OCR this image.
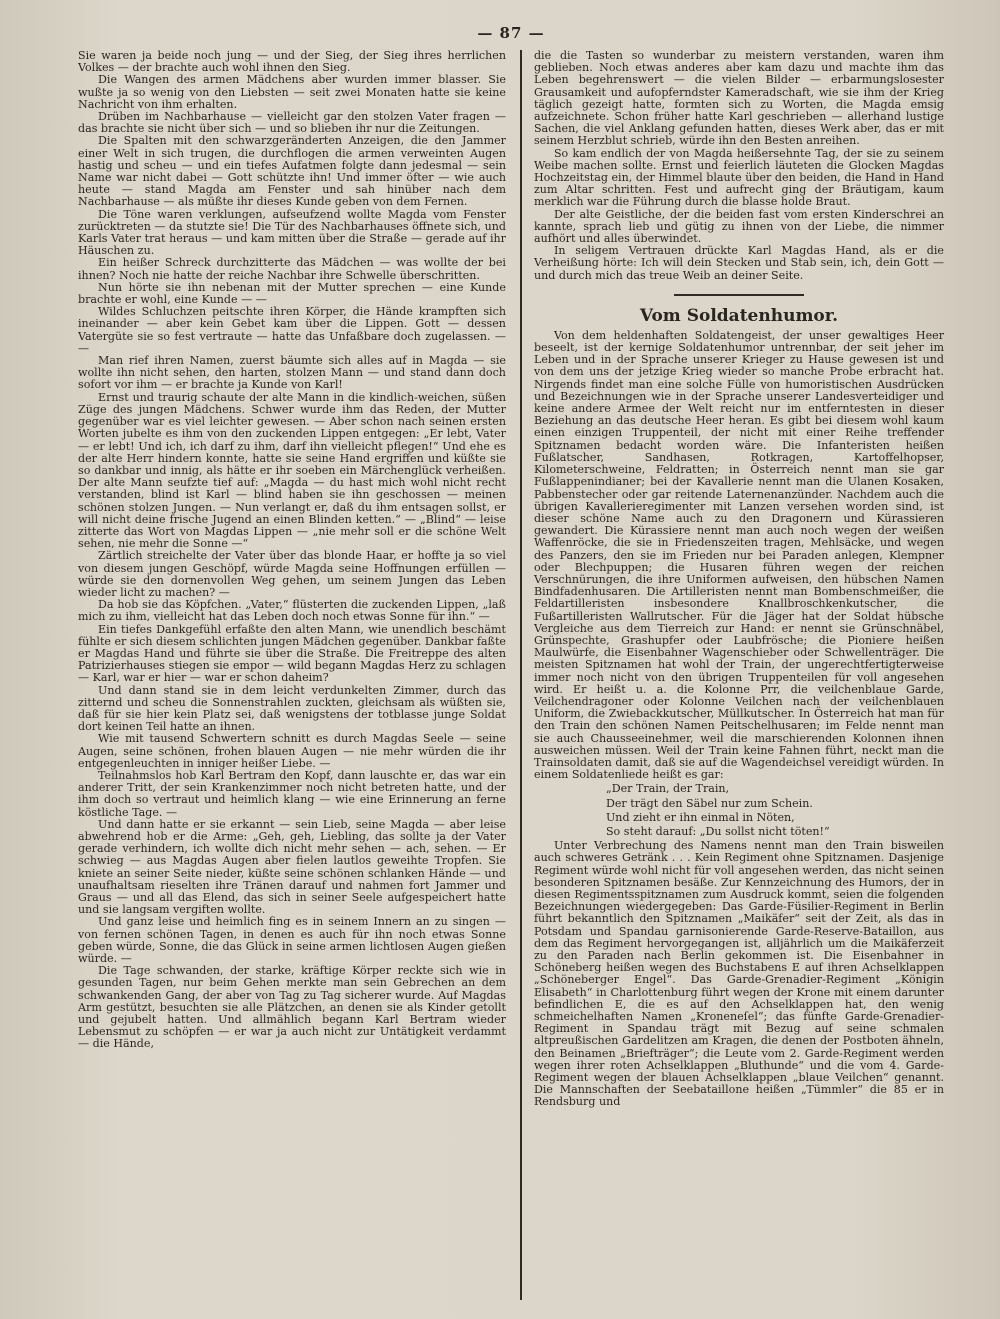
— 87 —

Sie waren ja beide noch jung — und der Sieg, der Sieg ihres herrlichen Volkes — der brachte auch wohl ihnen den Sieg.

Die Wangen des armen Mädchens aber wurden immer blasser. Sie wußte ja so wenig von den Liebsten — seit zwei Monaten hatte sie keine Nachricht von ihm erhalten.

Drüben im Nachbarhause — vielleicht gar den stolzen Vater fragen — das brachte sie nicht über sich — und so blieben ihr nur die Zeitungen.

Die Spalten mit den schwarzgeränderten Anzeigen, die den Jammer einer Welt in sich trugen, die durchflogen die armen verweinten Augen hastig und scheu — und ein tiefes Aufatmen folgte dann jedesmal — sein Name war nicht dabei — Gott schützte ihn! Und immer öfter — wie auch heute — stand Magda am Fenster und sah hinüber nach dem Nachbarhause — als müßte ihr dieses Kunde geben von dem Fernen.

Die Töne waren verklungen, aufseufzend wollte Magda vom Fenster zurücktreten — da stutzte sie! Die Tür des Nachbarhauses öffnete sich, und Karls Vater trat heraus — und kam mitten über die Straße — gerade auf ihr Häuschen zu.

Ein heißer Schreck durchzitterte das Mädchen — was wollte der bei ihnen? Noch nie hatte der reiche Nachbar ihre Schwelle überschritten.

Nun hörte sie ihn nebenan mit der Mutter sprechen — eine Kunde brachte er wohl, eine Kunde — —

Wildes Schluchzen peitschte ihren Körper, die Hände krampften sich ineinander — aber kein Gebet kam über die Lippen. Gott — dessen Vatergüte sie so fest vertraute — hatte das Unfaßbare doch zugelassen. — —

Man rief ihren Namen, zuerst bäumte sich alles auf in Magda — sie wollte ihn nicht sehen, den harten, stolzen Mann — und stand dann doch sofort vor ihm — er brachte ja Kunde von Karl!

Ernst und traurig schaute der alte Mann in die kindlich-weichen, süßen Züge des jungen Mädchens. Schwer wurde ihm das Reden, der Mutter gegenüber war es viel leichter gewesen. — Aber schon nach seinen ersten Worten jubelte es ihm von den zuckenden Lippen entgegen: „Er lebt, Vater — er lebt! Und ich, ich darf zu ihm, darf ihn vielleicht pflegen!“ Und ehe es der alte Herr hindern konnte, hatte sie seine Hand ergriffen und küßte sie so dankbar und innig, als hätte er ihr soeben ein Märchenglück verheißen. Der alte Mann seufzte tief auf: „Magda — du hast mich wohl nicht recht verstanden, blind ist Karl — blind haben sie ihn geschossen — meinen schönen stolzen Jungen. — Nun verlangt er, daß du ihm entsagen sollst, er will nicht deine frische Jugend an einen Blinden ketten.“ — „Blind“ — leise zitterte das Wort von Magdas Lippen — „nie mehr soll er die schöne Welt sehen, nie mehr die Sonne —“

Zärtlich streichelte der Vater über das blonde Haar, er hoffte ja so viel von diesem jungen Geschöpf, würde Magda seine Hoffnungen erfüllen — würde sie den dornenvollen Weg gehen, um seinem Jungen das Leben wieder licht zu machen? —

Da hob sie das Köpfchen. „Vater,“ flüsterten die zuckenden Lippen, „laß mich zu ihm, vielleicht hat das Leben doch noch etwas Sonne für ihn.“ —

Ein tiefes Dankgefühl erfaßte den alten Mann, wie unendlich beschämt fühlte er sich diesem schlichten jungen Mädchen gegenüber. Dankbar faßte er Magdas Hand und führte sie über die Straße. Die Freitreppe des alten Patrizierhauses stiegen sie empor — wild begann Magdas Herz zu schlagen — Karl, war er hier — war er schon daheim?

Und dann stand sie in dem leicht verdunkelten Zimmer, durch das zitternd und scheu die Sonnenstrahlen zuckten, gleichsam als wüßten sie, daß für sie hier kein Platz sei, daß wenigstens der totblasse junge Soldat dort keinen Teil hatte an ihnen.

Wie mit tausend Schwertern schnitt es durch Magdas Seele — seine Augen, seine schönen, frohen blauen Augen — nie mehr würden die ihr entgegenleuchten in inniger heißer Liebe. —

Teilnahmslos hob Karl Bertram den Kopf, dann lauschte er, das war ein anderer Tritt, der sein Krankenzimmer noch nicht betreten hatte, und der ihm doch so vertraut und heimlich klang — wie eine Erinnerung an ferne köstliche Tage. —

Und dann hatte er sie erkannt — sein Lieb, seine Magda — aber leise abwehrend hob er die Arme: „Geh, geh, Liebling, das sollte ja der Vater gerade verhindern, ich wollte dich nicht mehr sehen — ach, sehen. — Er schwieg — aus Magdas Augen aber fielen lautlos geweihte Tropfen. Sie kniete an seiner Seite nieder, küßte seine schönen schlanken Hände — und unaufhaltsam rieselten ihre Tränen darauf und nahmen fort Jammer und Graus — und all das Elend, das sich in seiner Seele aufgespeichert hatte und sie langsam vergiften wollte.

Und ganz leise und heimlich fing es in seinem Innern an zu singen — von fernen schönen Tagen, in denen es auch für ihn noch etwas Sonne geben würde, Sonne, die das Glück in seine armen lichtlosen Augen gießen würde. —

Die Tage schwanden, der starke, kräftige Körper reckte sich wie in gesunden Tagen, nur beim Gehen merkte man sein Gebrechen an dem schwankenden Gang, der aber von Tag zu Tag sicherer wurde. Auf Magdas Arm gestützt, besuchten sie alle Plätzchen, an denen sie als Kinder getollt und gejubelt hatten. Und allmählich begann Karl Bertram wieder Lebensmut zu schöpfen — er war ja auch nicht zur Untätigkeit verdammt — die Hände,

die die Tasten so wunderbar zu meistern verstanden, waren ihm geblieben. Noch etwas anderes aber kam dazu und machte ihm das Leben begehrenswert — die vielen Bilder — erbarmungslosester Grausamkeit und aufopferndster Kameradschaft, wie sie ihm der Krieg täglich gezeigt hatte, formten sich zu Worten, die Magda emsig aufzeichnete. Schon früher hatte Karl geschrieben — allerhand lustige Sachen, die viel Anklang gefunden hatten, dieses Werk aber, das er mit seinem Herzblut schrieb, würde ihn den Besten anreihen.

So kam endlich der von Magda heißersehnte Tag, der sie zu seinem Weibe machen sollte. Ernst und feierlich läuteten die Glocken Magdas Hochzeitstag ein, der Himmel blaute über den beiden, die Hand in Hand zum Altar schritten. Fest und aufrecht ging der Bräutigam, kaum merklich war die Führung durch die blasse holde Braut.

Der alte Geistliche, der die beiden fast vom ersten Kinderschrei an kannte, sprach lieb und gütig zu ihnen von der Liebe, die nimmer aufhört und alles überwindet.

In seligem Vertrauen drückte Karl Magdas Hand, als er die Verheißung hörte: Ich will dein Stecken und Stab sein, ich, dein Gott — und durch mich das treue Weib an deiner Seite.

Vom Soldatenhumor.

Von dem heldenhaften Soldatengeist, der unser gewaltiges Heer beseelt, ist der kernige Soldatenhumor untrennbar, der seit jeher im Leben und in der Sprache unserer Krieger zu Hause gewesen ist und von dem uns der jetzige Krieg wieder so manche Probe erbracht hat. Nirgends findet man eine solche Fülle von humoristischen Ausdrücken und Bezeichnungen wie in der Sprache unserer Landesverteidiger und keine andere Armee der Welt reicht nur im entferntesten in dieser Beziehung an das deutsche Heer heran. Es gibt bei diesem wohl kaum einen einzigen Truppenteil, der nicht mit einer Reihe treffender Spitznamen bedacht worden wäre. Die Infanteristen heißen Fußlatscher, Sandhasen, Rotkragen, Kartoffelhopser, Kilometerschweine, Feldratten; in Österreich nennt man sie gar Fußlappenindianer; bei der Kavallerie nennt man die Ulanen Kosaken, Pabbenstecher oder gar reitende Laternenanzünder. Nachdem auch die übrigen Kavallerieregimenter mit Lanzen versehen worden sind, ist dieser schöne Name auch zu den Dragonern und Kürassieren gewandert. Die Kürassiere nennt man auch noch wegen der weißen Waffenröcke, die sie in Friedenszeiten tragen, Mehlsäcke, und wegen des Panzers, den sie im Frieden nur bei Paraden anlegen, Klempner oder Blechpuppen; die Husaren führen wegen der reichen Verschnürungen, die ihre Uniformen aufweisen, den hübschen Namen Bindfadenhusaren. Die Artilleristen nennt man Bombenschmeißer, die Feldartilleristen insbesondere Knallbroschkenkutscher, die Fußartilleristen Wallrutscher. Für die Jäger hat der Soldat hübsche Vergleiche aus dem Tierreich zur Hand: er nennt sie Grünschnäbel, Grünspechte, Grashupfer oder Laubfrösche; die Pioniere heißen Maulwürfe, die Eisenbahner Wagenschieber oder Schwellenträger. Die meisten Spitznamen hat wohl der Train, der ungerechtfertigterweise immer noch nicht von den übrigen Truppenteilen für voll angesehen wird. Er heißt u. a. die Kolonne Prr, die veilchenblaue Garde, Veilchendragoner oder Kolonne Veilchen nach der veilchenblauen Uniform, die Zwiebackkutscher, Müllkutscher. In Österreich hat man für den Train den schönen Namen Peitschelhusaren; im Felde nennt man sie auch Chausseeinehmer, weil die marschierenden Kolonnen ihnen ausweichen müssen. Weil der Train keine Fahnen führt, neckt man die Trainsoldaten damit, daß sie auf die Wagendeichsel vereidigt würden. In einem Soldatenliede heißt es gar:

„Der Train, der Train,

Der trägt den Säbel nur zum Schein.

Und zieht er ihn einmal in Nöten,

So steht darauf: „Du sollst nicht töten!“

Unter Verbrechung des Namens nennt man den Train bisweilen auch schweres Getränk . . . Kein Regiment ohne Spitznamen. Dasjenige Regiment würde wohl nicht für voll angesehen werden, das nicht seinen besonderen Spitznamen besäße. Zur Kennzeichnung des Humors, der in diesen Regimentsspitznamen zum Ausdruck kommt, seien die folgenden Bezeichnungen wiedergegeben: Das Garde-Füsilier-Regiment in Berlin führt bekanntlich den Spitznamen „Maikäfer“ seit der Zeit, als das in Potsdam und Spandau garnisonierende Garde-Reserve-Bataillon, aus dem das Regiment hervorgegangen ist, alljährlich um die Maikäferzeit zu den Paraden nach Berlin gekommen ist. Die Eisenbahner in Schöneberg heißen wegen des Buchstabens E auf ihren Achselklappen „Schöneberger Engel“. Das Garde-Grenadier-Regiment „Königin Elisabeth“ in Charlottenburg führt wegen der Krone mit einem darunter befindlichen E, die es auf den Achselklappen hat, den wenig schmeichelhaften Namen „Kroneneſel“; das fünfte Garde-Grenadier-Regiment in Spandau trägt mit Bezug auf seine schmalen altpreußischen Gardelitzen am Kragen, die denen der Postboten ähneln, den Beinamen „Briefträger“; die Leute vom 2. Garde-Regiment werden wegen ihrer roten Achselklappen „Bluthunde“ und die vom 4. Garde-Regiment wegen der blauen Achselklappen „blaue Veilchen“ genannt. Die Mannschaften der Seebataillone heißen „Tümmler“ die 85 er in Rendsburg und
